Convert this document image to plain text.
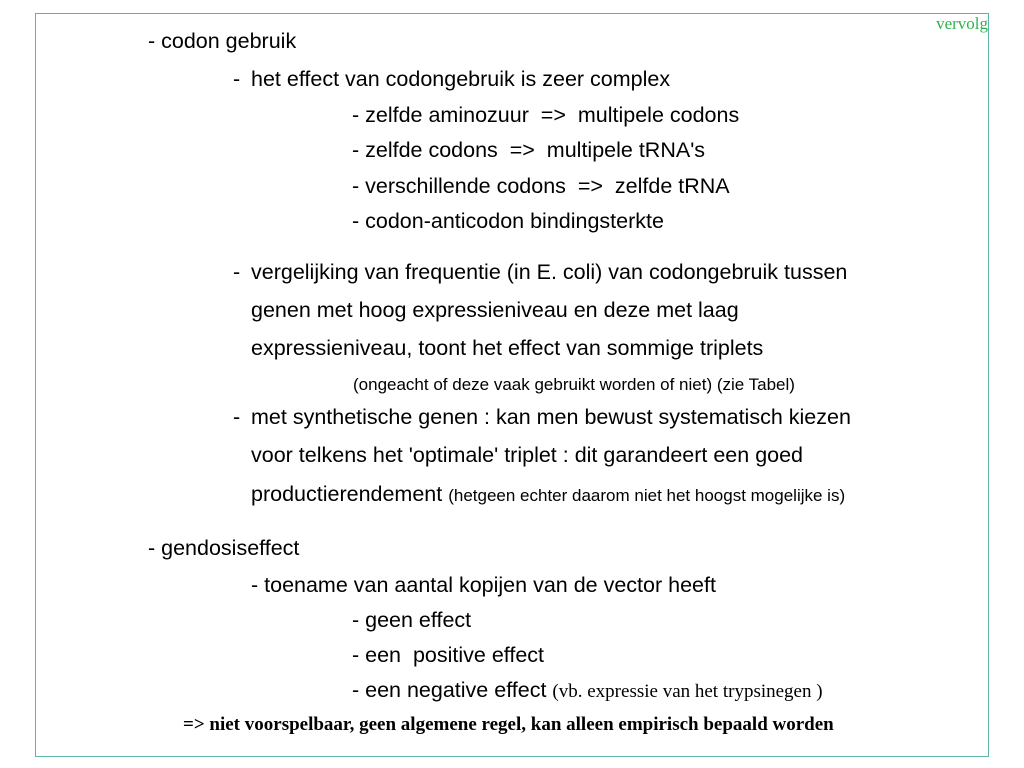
vervolg
- codon gebruik
- het effect van codongebruik is zeer complex
- zelfde aminozuur  =>  multipele codons
- zelfde codons  =>  multipele tRNA's
- verschillende codons  =>  zelfde tRNA
- codon-anticodon bindingsterkte
- vergelijking van frequentie (in E. coli) van codongebruik tussen
genen met hoog expressieniveau en deze met laag
expressieniveau, toont het effect van sommige triplets
(ongeacht of deze vaak gebruikt worden of niet) (zie Tabel)
- met synthetische genen : kan men bewust systematisch kiezen
voor telkens het 'optimale' triplet : dit garandeert een goed
productierendement (hetgeen echter daarom niet het hoogst mogelijke is)
- gendosiseffect
- toename van aantal kopijen van de vector heeft
- geen effect
- een  positive effect
- een negative effect (vb. expressie van het trypsinegen )
=> niet voorspelbaar, geen algemene regel, kan alleen empirisch bepaald worden
